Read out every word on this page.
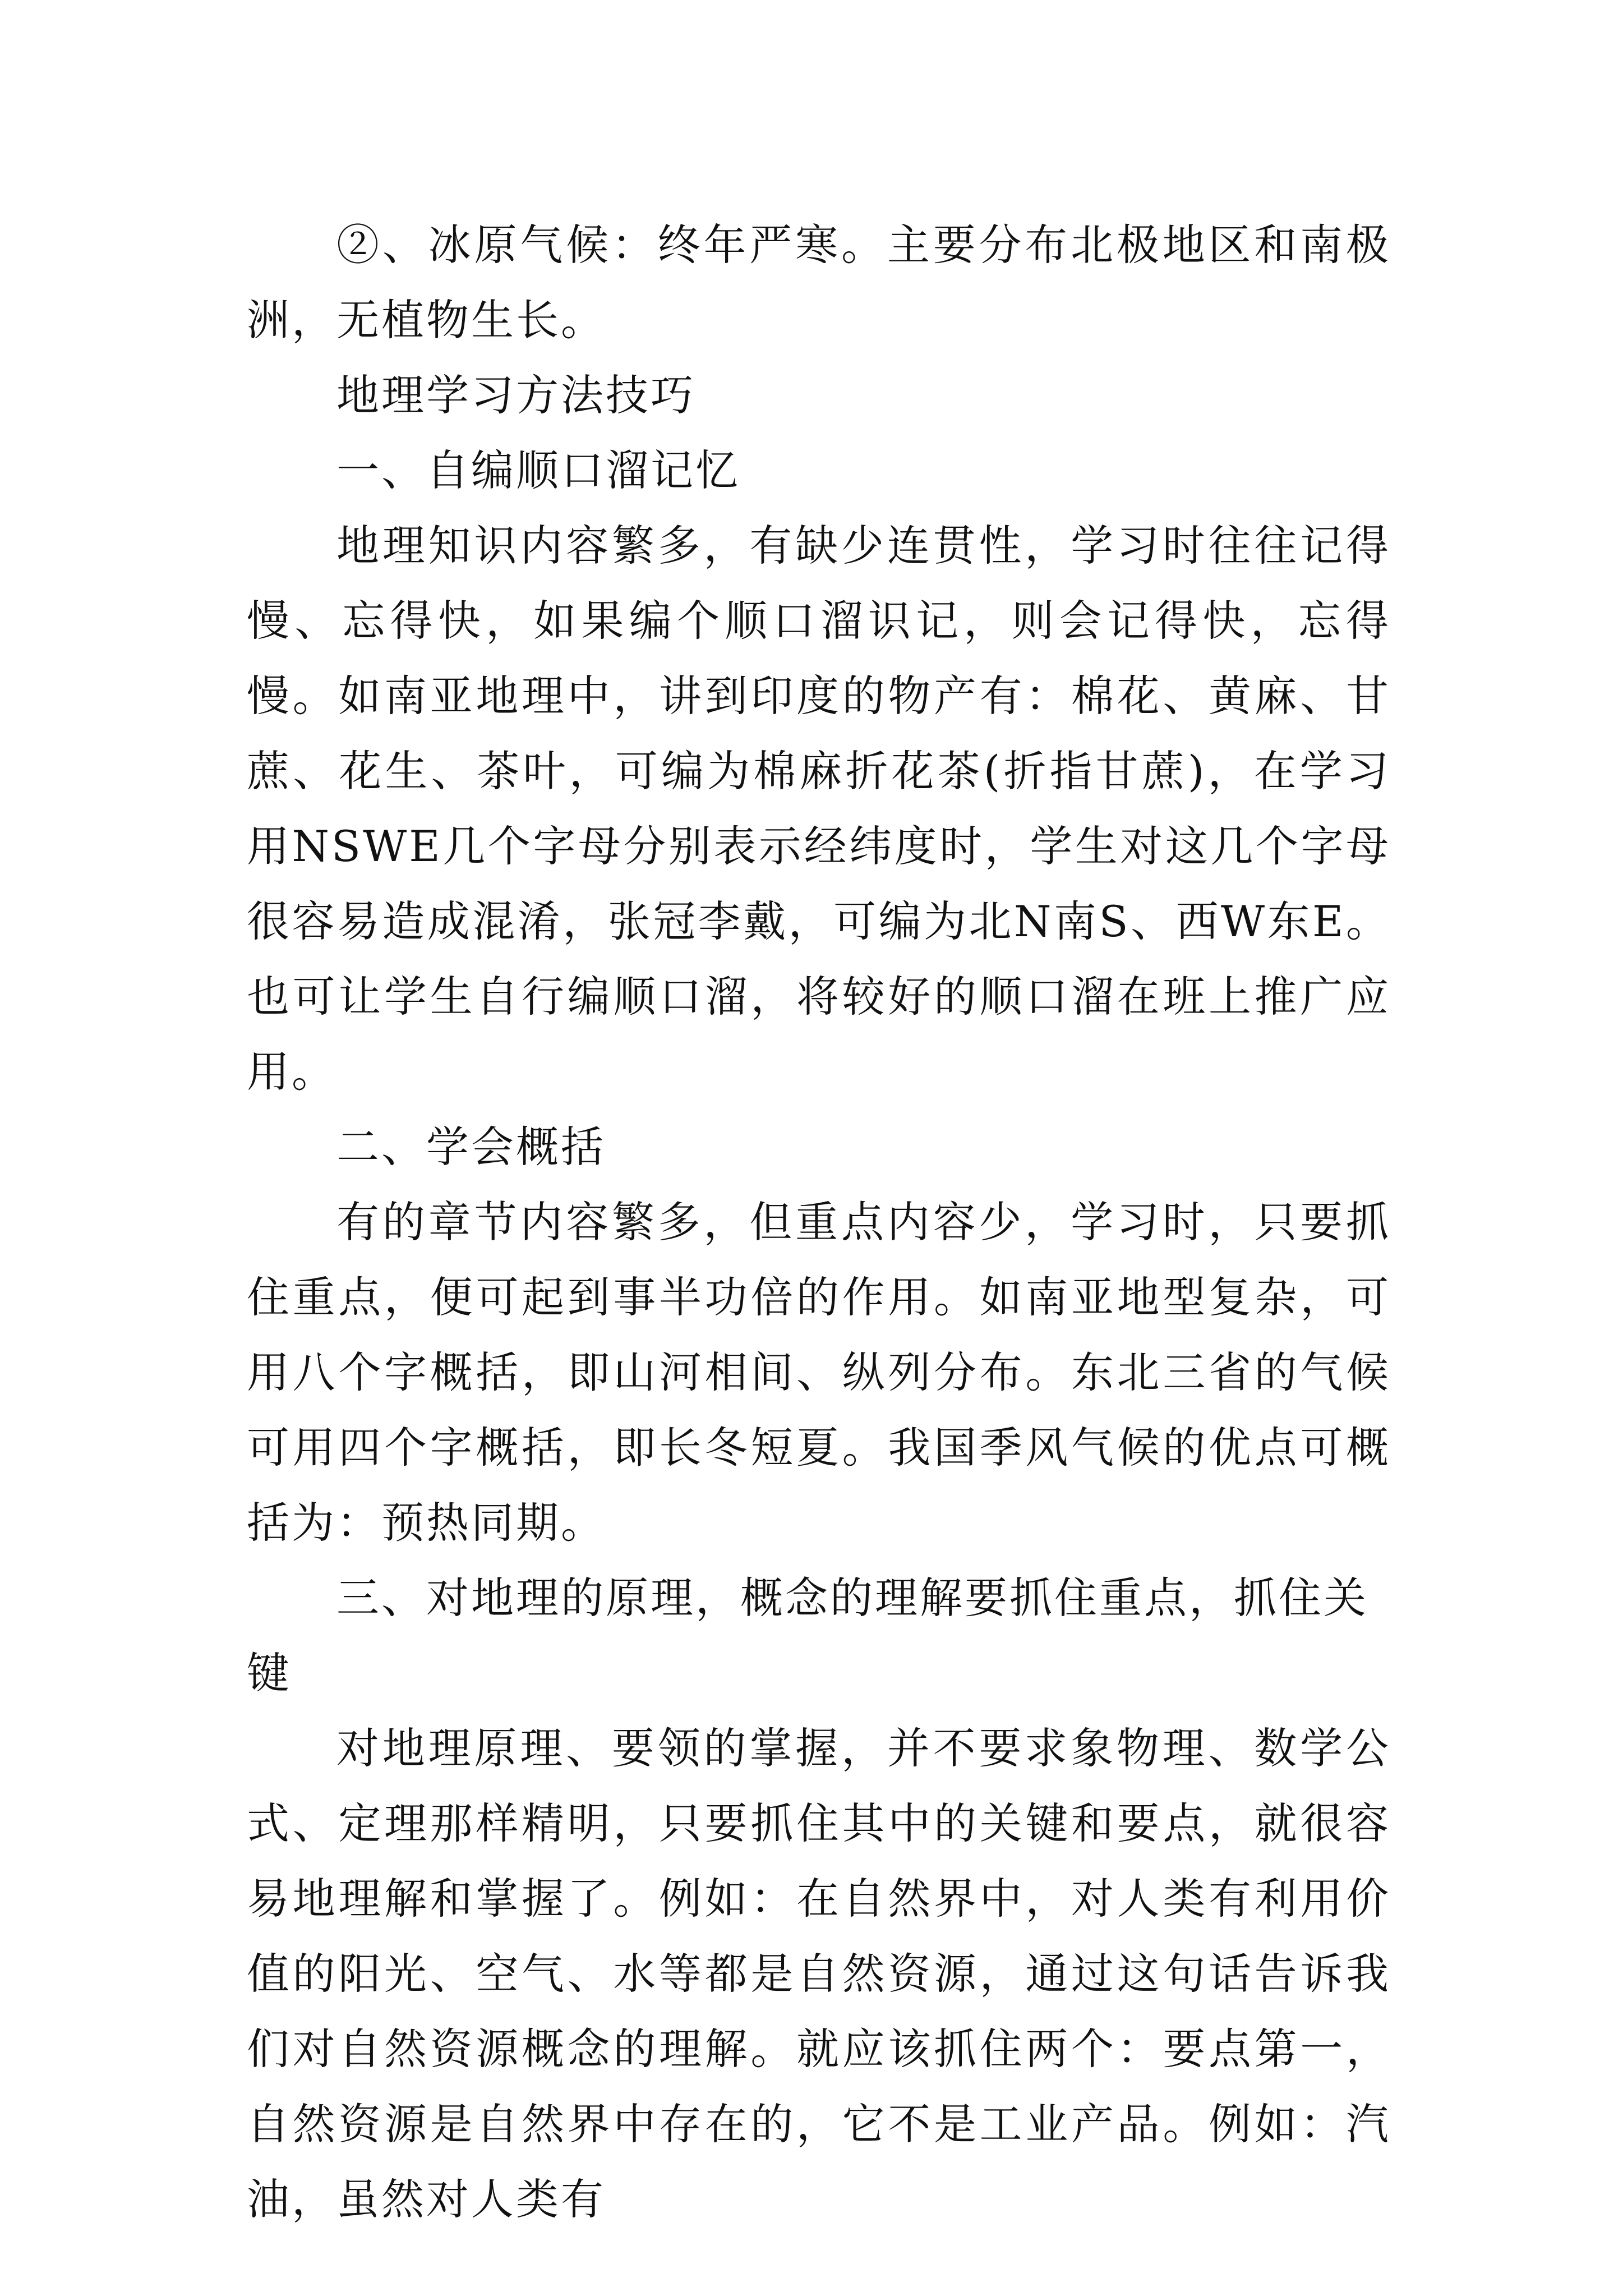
②、冰原气候：终年严寒。主要分布北极地区和南极洲，无植物生长。

地理学习方法技巧

一、自编顺口溜记忆

地理知识内容繁多，有缺少连贯性，学习时往往记得慢、忘得快，如果编个顺口溜识记，则会记得快，忘得慢。如南亚地理中，讲到印度的物产有：棉花、黄麻、甘蔗、花生、茶叶，可编为棉麻折花茶(折指甘蔗)，在学习用NSWE几个字母分别表示经纬度时，学生对这几个字母很容易造成混淆，张冠李戴，可编为北N南S、西W东E。也可让学生自行编顺口溜，将较好的顺口溜在班上推广应用。

二、学会概括

有的章节内容繁多，但重点内容少，学习时，只要抓住重点，便可起到事半功倍的作用。如南亚地型复杂，可用八个字概括，即山河相间、纵列分布。东北三省的气候可用四个字概括，即长冬短夏。我国季风气候的优点可概括为：预热同期。

三、对地理的原理，概念的理解要抓住重点，抓住关键

对地理原理、要领的掌握，并不要求象物理、数学公式、定理那样精明，只要抓住其中的关键和要点，就很容易地理解和掌握了。例如：在自然界中，对人类有利用价值的阳光、空气、水等都是自然资源，通过这句话告诉我们对自然资源概念的理解。就应该抓住两个：要点第一，自然资源是自然界中存在的，它不是工业产品。例如：汽油，虽然对人类有
